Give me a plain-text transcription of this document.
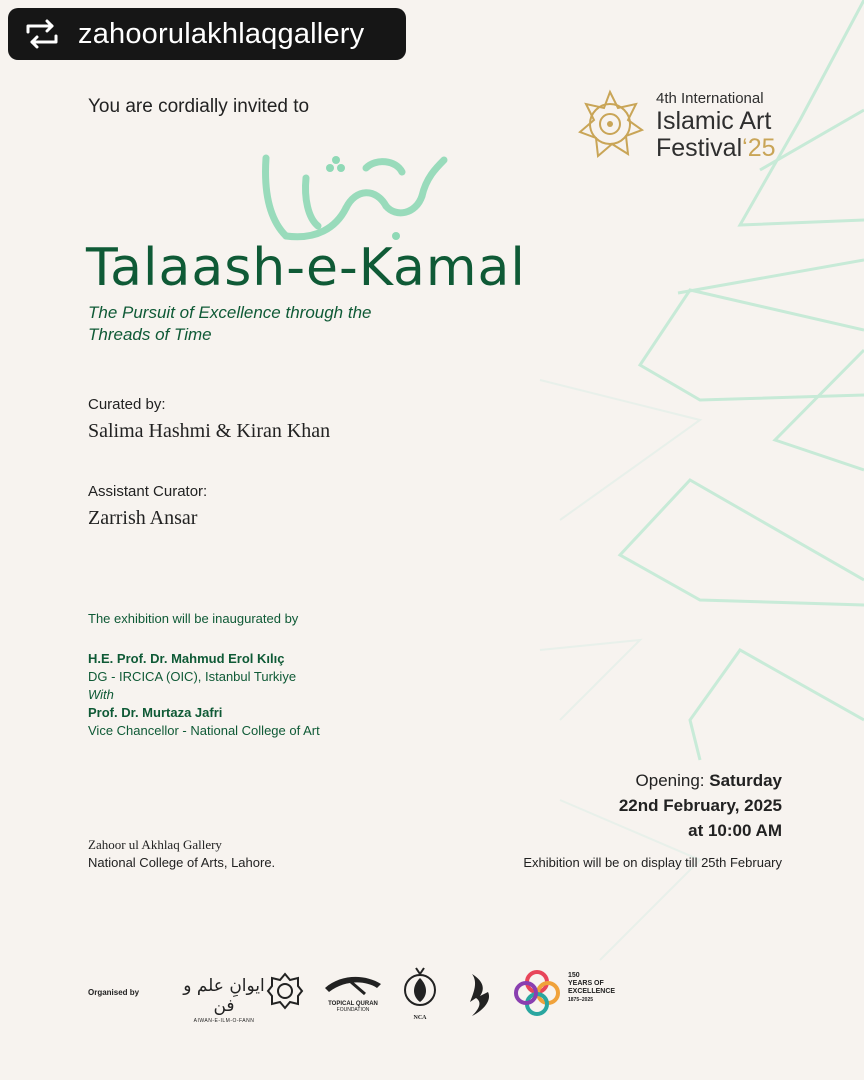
zahoorulakhlaqgallery
4th International
Islamic Art
Festival‘25
You are cordially invited to
Talaash-e-Kamal
The Pursuit of Excellence through the Threads of Time
Curated by:
Salima Hashmi & Kiran Khan
Assistant Curator:
Zarrish Ansar
The exhibition will be inaugurated by
H.E. Prof. Dr. Mahmud Erol Kılıç
DG - IRCICA (OIC), Istanbul Turkiye
With
Prof. Dr. Murtaza Jafri
Vice Chancellor - National College of Art
Opening: Saturday
22nd February, 2025
at 10:00 AM
Exhibition will be on display till 25th February
Zahoor ul Akhlaq Gallery
National College of Arts, Lahore.
Organised by	ایوانِ علم و فن
AIWAN-E-ILM-O-FANN
TOPICAL QURAN
FOUNDATION
NCA
150
YEARS OF
EXCELLENCE
1875–2025
